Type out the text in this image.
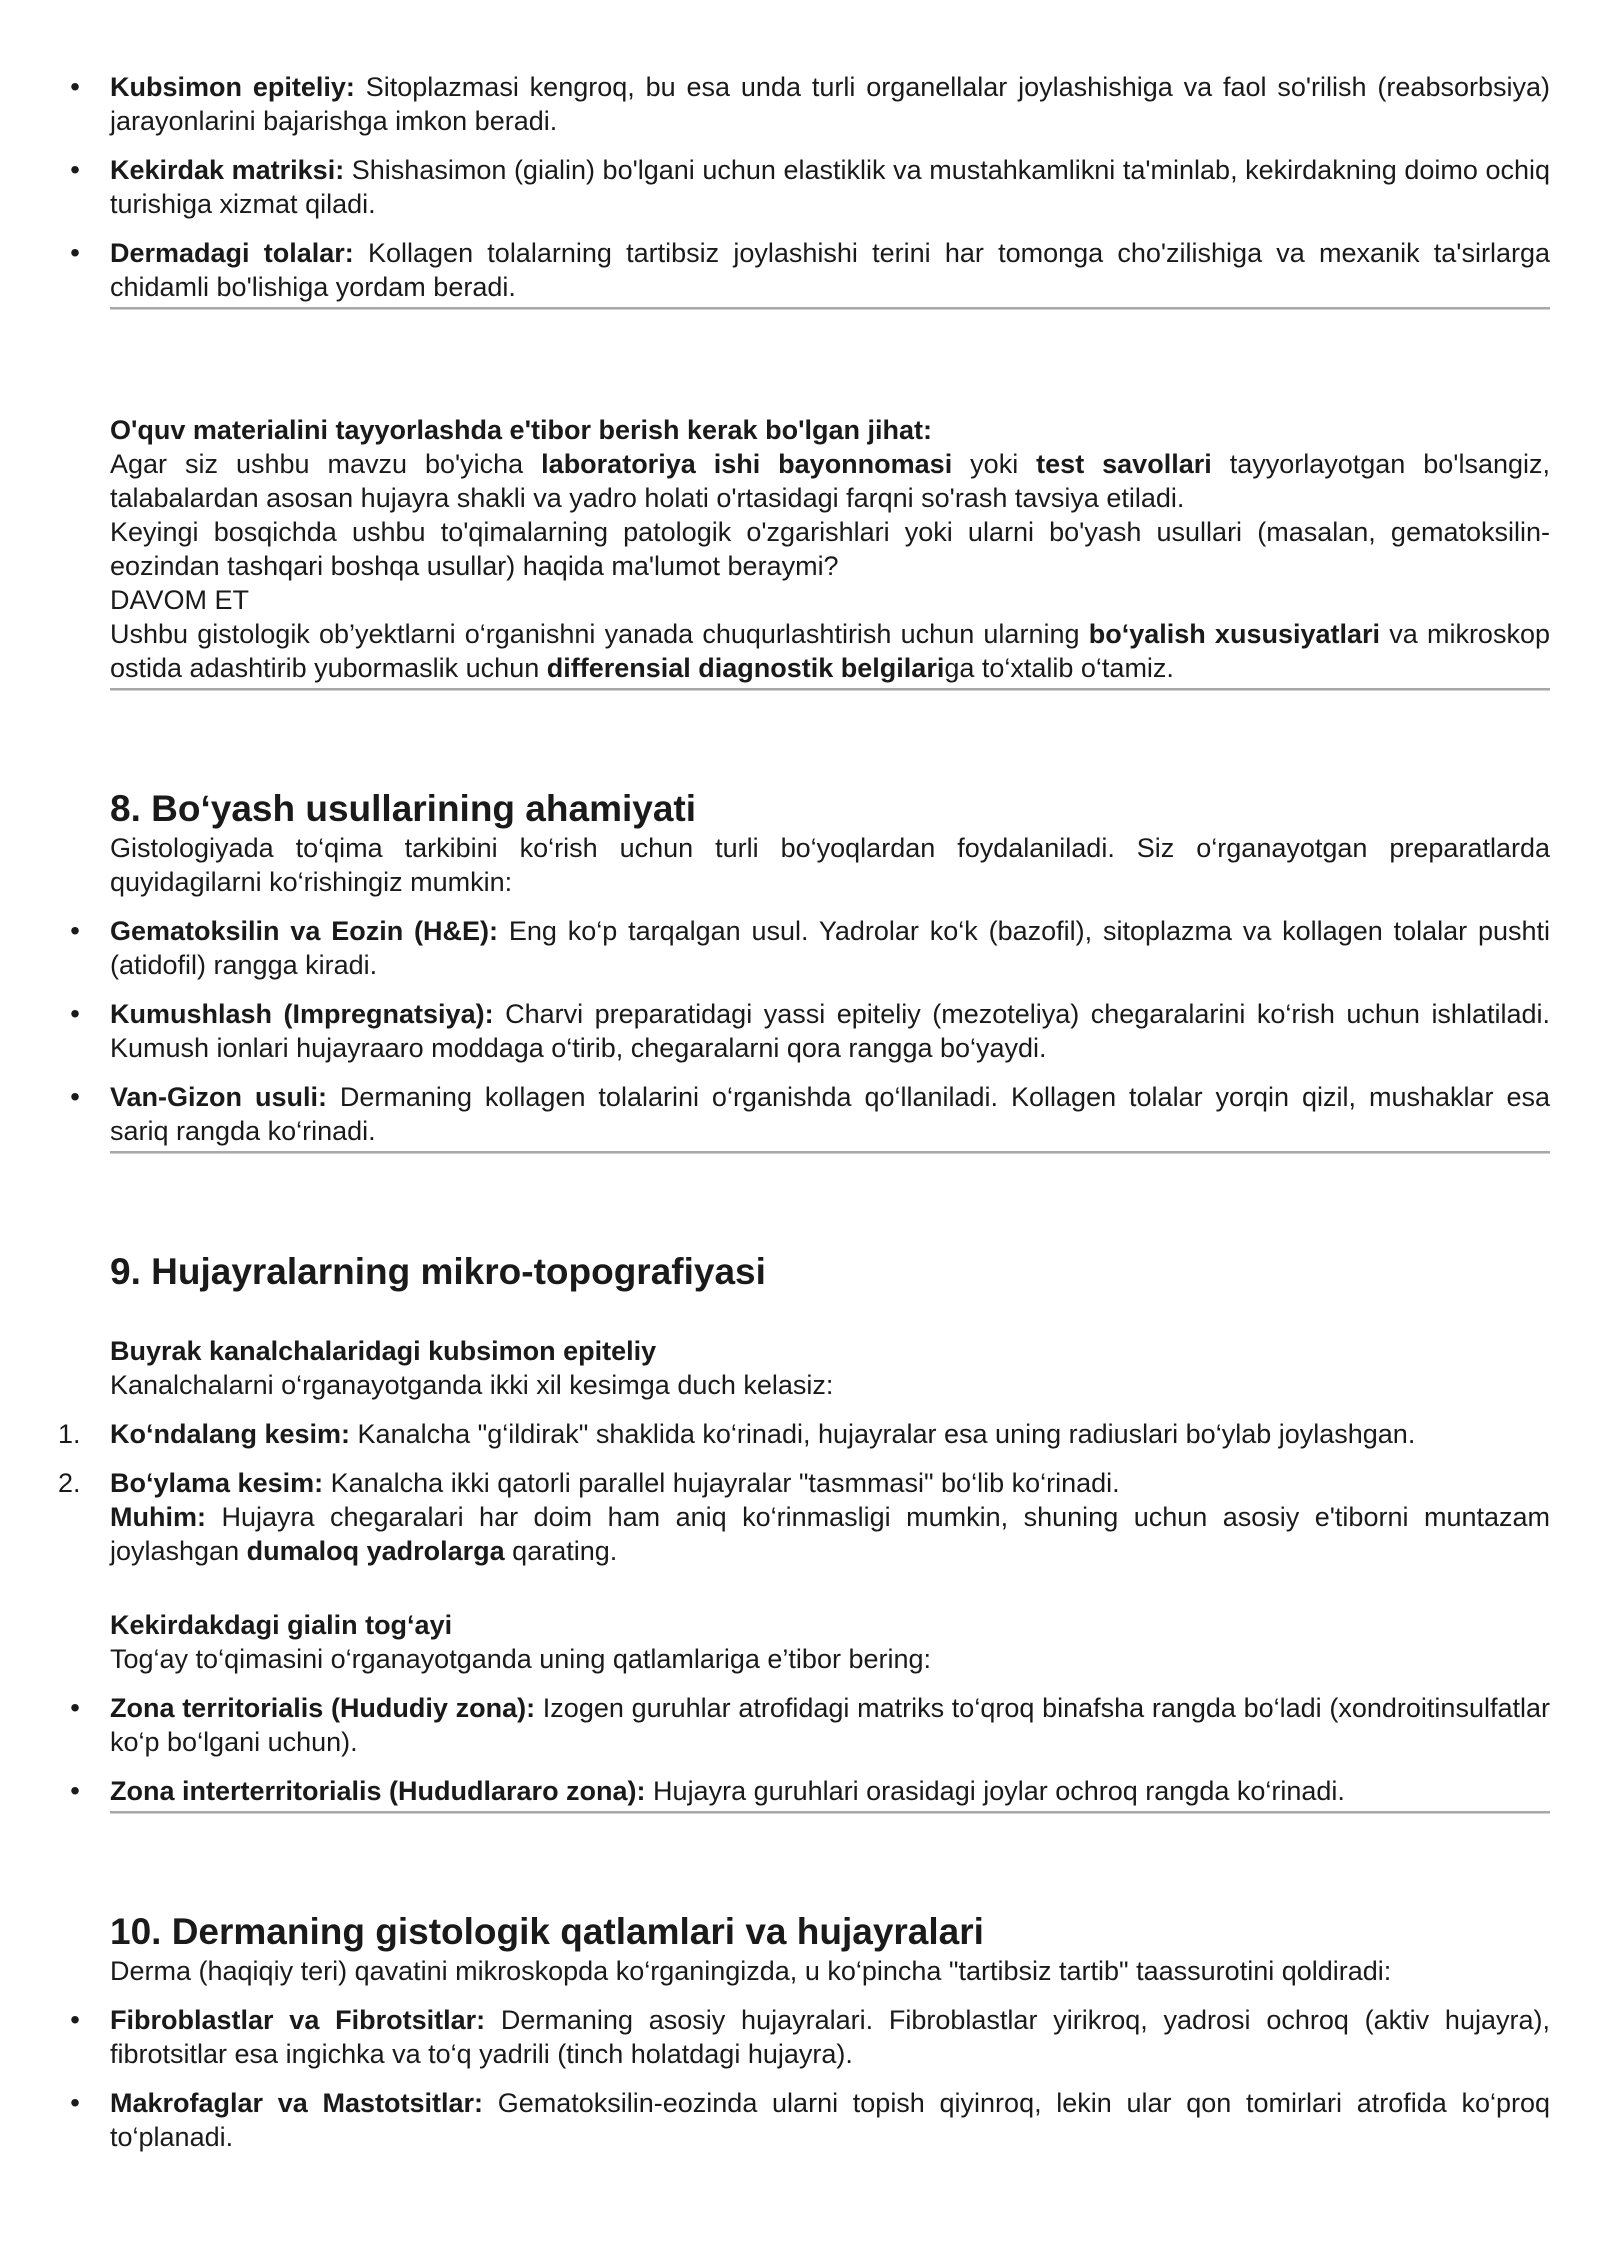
•	Kubsimon epiteliy: Sitoplazmasi kengroq, bu esa unda turli organellalar joylashishiga va faol so'rilish (reabsorbsiya) jarayonlarini bajarishga imkon beradi.
•	Kekirdak matriksi: Shishasimon (gialin) bo'lgani uchun elastiklik va mustahkamlikni ta'minlab, kekirdakning doimo ochiq turishiga xizmat qiladi.
•	Dermadagi tolalar: Kollagen tolalarning tartibsiz joylashishi terini har tomonga cho'zilishiga va mexanik ta'sirlarga chidamli bo'lishiga yordam beradi.

O'quv materialini tayyorlashda e'tibor berish kerak bo'lgan jihat:

Agar siz ushbu mavzu bo'yicha laboratoriya ishi bayonnomasi yoki test savollari tayyorlayotgan bo'lsangiz, talabalardan asosan hujayra shakli va yadro holati o'rtasidagi farqni so'rash tavsiya etiladi.

Keyingi bosqichda ushbu to'qimalarning patologik o'zgarishlari yoki ularni bo'yash usullari (masalan, gematoksilin-eozindan tashqari boshqa usullar) haqida ma'lumot beraymi?

DAVOM ET

Ushbu gistologik ob’yektlarni o‘rganishni yanada chuqurlashtirish uchun ularning bo‘yalish xususiyatlari va mikroskop ostida adashtirib yubormaslik uchun differensial diagnostik belgilariga to‘xtalib o‘tamiz.

8. Bo‘yash usullarining ahamiyati

Gistologiyada to‘qima tarkibini ko‘rish uchun turli bo‘yoqlardan foydalaniladi. Siz o‘rganayotgan preparatlarda quyidagilarni ko‘rishingiz mumkin:

•	Gematoksilin va Eozin (H&E): Eng ko‘p tarqalgan usul. Yadrolar ko‘k (bazofil), sitoplazma va kollagen tolalar pushti (atidofil) rangga kiradi.
•	Kumushlash (Impregnatsiya): Charvi preparatidagi yassi epiteliy (mezoteliya) chegaralarini ko‘rish uchun ishlatiladi. Kumush ionlari hujayraaro moddaga o‘tirib, chegaralarni qora rangga bo‘yaydi.
•	Van-Gizon usuli: Dermaning kollagen tolalarini o‘rganishda qo‘llaniladi. Kollagen tolalar yorqin qizil, mushaklar esa sariq rangda ko‘rinadi.
9. Hujayralarning mikro-topografiyasi

Buyrak kanalchalaridagi kubsimon epiteliy

Kanalchalarni o‘rganayotganda ikki xil kesimga duch kelasiz:

1.	Ko‘ndalang kesim: Kanalcha "g‘ildirak" shaklida ko‘rinadi, hujayralar esa uning radiuslari bo‘ylab joylashgan.
2.	Bo‘ylama kesim: Kanalcha ikki qatorli parallel hujayralar "tasmmasi" bo‘lib ko‘rinadi.
Muhim: Hujayra chegaralari har doim ham aniq ko‘rinmasligi mumkin, shuning uchun asosiy e'tiborni muntazam joylashgan dumaloq yadrolarga qarating.

Kekirdakdagi gialin tog‘ayi

Tog‘ay to‘qimasini o‘rganayotganda uning qatlamlariga e’tibor bering:

•	Zona territorialis (Hududiy zona): Izogen guruhlar atrofidagi matriks to‘qroq binafsha rangda bo‘ladi (xondroitinsulfatlar ko‘p bo‘lgani uchun).
•	Zona interterritorialis (Hududlararo zona): Hujayra guruhlari orasidagi joylar ochroq rangda ko‘rinadi.
10. Dermaning gistologik qatlamlari va hujayralari

Derma (haqiqiy teri) qavatini mikroskopda ko‘rganingizda, u ko‘pincha "tartibsiz tartib" taassurotini qoldiradi:

•	Fibroblastlar va Fibrotsitlar: Dermaning asosiy hujayralari. Fibroblastlar yirikroq, yadrosi ochroq (aktiv hujayra), fibrotsitlar esa ingichka va to‘q yadrili (tinch holatdagi hujayra).
•	Makrofaglar va Mastotsitlar: Gematoksilin-eozinda ularni topish qiyinroq, lekin ular qon tomirlari atrofida ko‘proq to‘planadi.
